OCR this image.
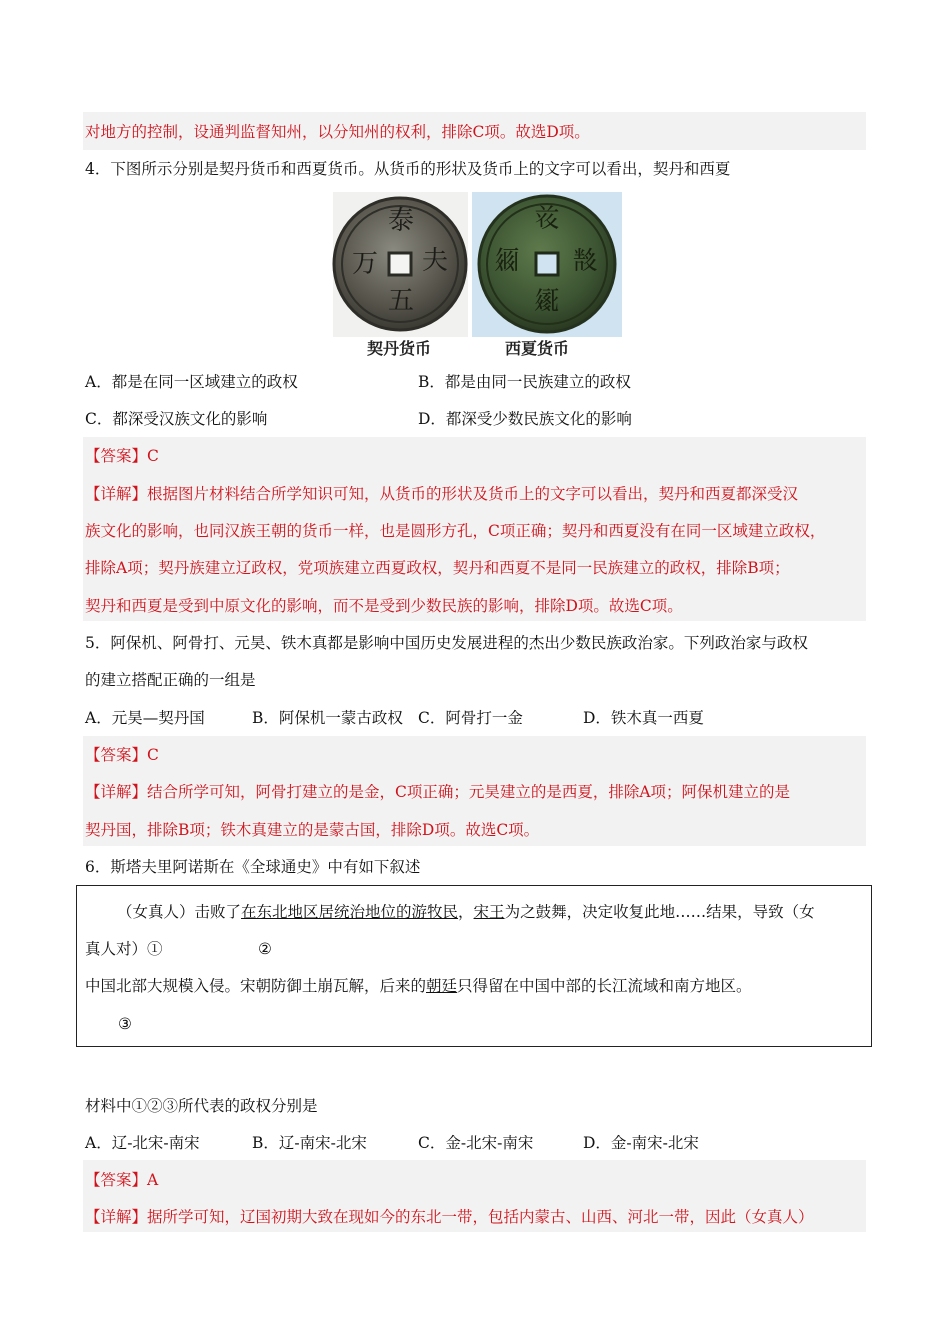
对地方的控制，设通判监督知州，以分知州的权利，排除C项。故选D项。
4．下图所示分别是契丹货币和西夏货币。从货币的形状及货币上的文字可以看出，契丹和西夏
泰
夫
万
五
𘝞
𘕕
𗥃
𗪉
契丹货币	西夏货币
A．都是在同一区域建立的政权	B．都是由同一民族建立的政权
C．都深受汉族文化的影响	D．都深受少数民族文化的影响
【答案】C
【详解】根据图片材料结合所学知识可知，从货币的形状及货币上的文字可以看出，契丹和西夏都深受汉
族文化的影响，也同汉族王朝的货币一样，也是圆形方孔，C项正确；契丹和西夏没有在同一区域建立政权，
排除A项；契丹族建立辽政权，党项族建立西夏政权，契丹和西夏不是同一民族建立的政权，排除B项；
契丹和西夏是受到中原文化的影响，而不是受到少数民族的影响，排除D项。故选C项。
5．阿保机、阿骨打、元昊、铁木真都是影响中国历史发展进程的杰出少数民族政治家。下列政治家与政权
的建立搭配正确的一组是
A．元昊—契丹国	B．阿保机一蒙古政权 C．阿骨打一金	D．铁木真一西夏
【答案】C
【详解】结合所学可知，阿骨打建立的是金，C项正确；元昊建立的是西夏，排除A项；阿保机建立的是
契丹国，排除B项；铁木真建立的是蒙古国，排除D项。故选C项。
6．斯塔夫里阿诺斯在《全球通史》中有如下叙述
（女真人）击败了在东北地区居统治地位的游牧民，宋王为之鼓舞，决定收复此地……结果，导致（女
真人对）①	②
中国北部大规模入侵。宋朝防御土崩瓦解，后来的朝廷只得留在中国中部的长江流域和南方地区。
③
材料中①②③所代表的政权分别是
A．辽-北宋-南宋	B．辽-南宋-北宋	C．金-北宋-南宋	D．金-南宋-北宋
【答案】A
【详解】据所学可知，辽国初期大致在现如今的东北一带，包括内蒙古、山西、河北一带，因此（女真人）
